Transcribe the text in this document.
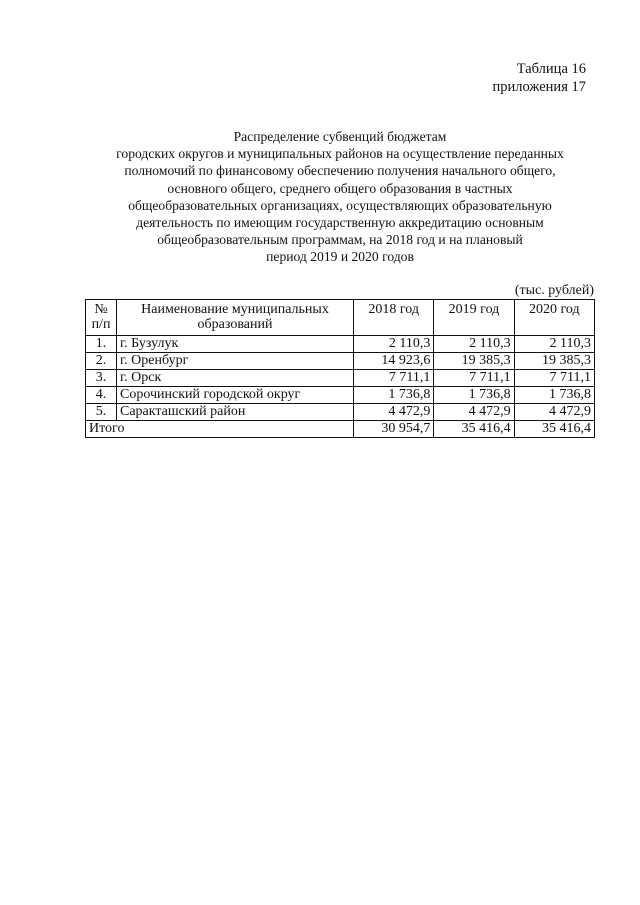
Таблица 16
приложения 17
Распределение субвенций бюджетам
городских округов и муниципальных районов на осуществление переданных
полномочий по финансовому обеспечению получения начального общего,
основного общего, среднего общего образования в частных
общеобразовательных организациях, осуществляющих образовательную
деятельность по имеющим государственную аккредитацию основным
общеобразовательным программам, на 2018 год и на плановый
период 2019 и 2020 годов
(тыс. рублей)
№ п/п	Наименование муниципальных образований	2018 год	2019 год	2020 год
1.	г. Бузулук	2 110,3	2 110,3	2 110,3
2.	г. Оренбург	14 923,6	19 385,3	19 385,3
3.	г. Орск	7 711,1	7 711,1	7 711,1
4.	Сорочинский городской округ	1 736,8	1 736,8	1 736,8
5.	Саракташский район	4 472,9	4 472,9	4 472,9
Итого		30 954,7	35 416,4	35 416,4
